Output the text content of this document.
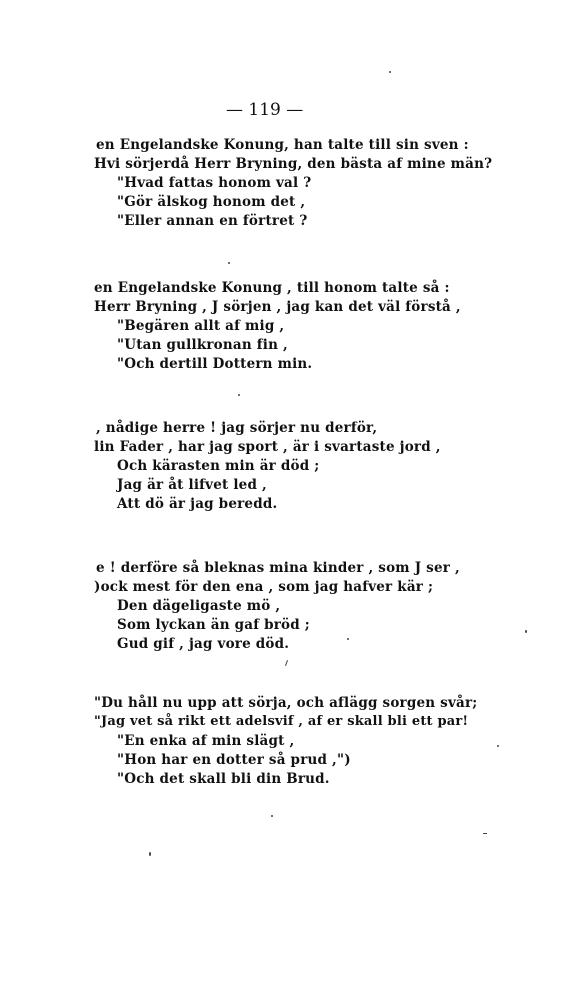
— 119 —
en Engelandske Konung, han talte till sin sven :
Hvi sörjerdå Herr Bryning, den bästa af mine män?
"Hvad fattas honom val ?
"Gör älskog honom det ,
"Eller annan en förtret ?
en Engelandske Konung , till honom talte så :
Herr Bryning , J sörjen , jag kan det väl förstå ,
"Begären allt af mig ,
"Utan gullkronan fin ,
"Och dertill Dottern min.
, nådige herre ! jag sörjer nu derför,
lin Fader , har jag sport , är i svartaste jord ,
Och kärasten min är död ;
Jag är åt lifvet led ,
Att dö är jag beredd.
e ! derföre så bleknas mina kinder , som J ser ,
)ock mest för den ena , som jag hafver kär ;
Den dägeligaste mö ,
Som lyckan än gaf bröd ;
Gud gif , jag vore död.
"Du håll nu upp att sörja, och aflägg sorgen svår;
"Jag vet så rikt ett adelsvif , af er skall bli ett par!
"En enka af min slägt ,
"Hon har en dotter så prud ,")
"Och det skall bli din Brud.
